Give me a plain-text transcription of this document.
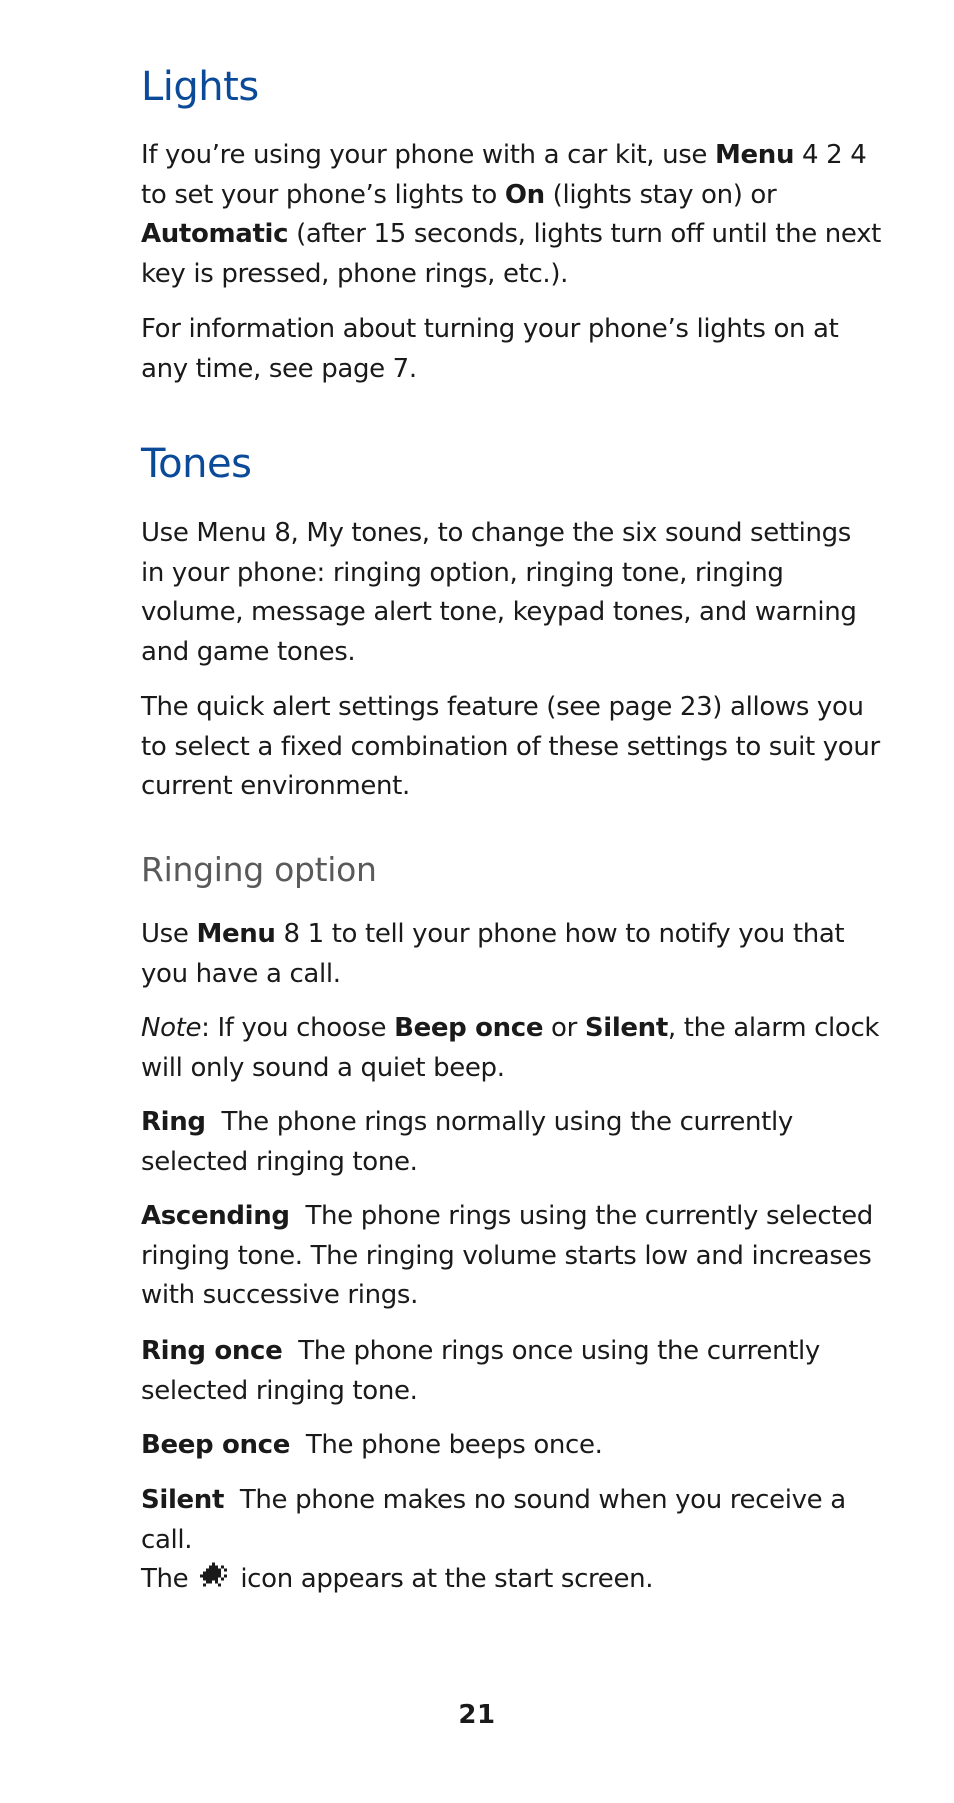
Lights

If you’re using your phone with a car kit, use Menu 4 2 4 to set your phone’s lights to On (lights stay on) or Automatic (after 15 seconds, lights turn off until the next key is pressed, phone rings, etc.).

For information about turning your phone’s lights on at any time, see page 7.

Tones

Use Menu 8, My tones, to change the six sound settings in your phone: ringing option, ringing tone, ringing volume, message alert tone, keypad tones, and warning and game tones.

The quick alert settings feature (see page 23) allows you to select a fixed combination of these settings to suit your current environment.

Ringing option

Use Menu 8 1 to tell your phone how to notify you that you have a call.

Note: If you choose Beep once or Silent, the alarm clock will only sound a quiet beep.

Ring The phone rings normally using the currently selected ringing tone.

Ascending The phone rings using the currently selected ringing tone. The ringing volume starts low and increases with successive rings.

Ring once The phone rings once using the currently selected ringing tone.

Beep once The phone beeps once.

Silent The phone makes no sound when you receive a call.
The icon appears at the start screen.

21
